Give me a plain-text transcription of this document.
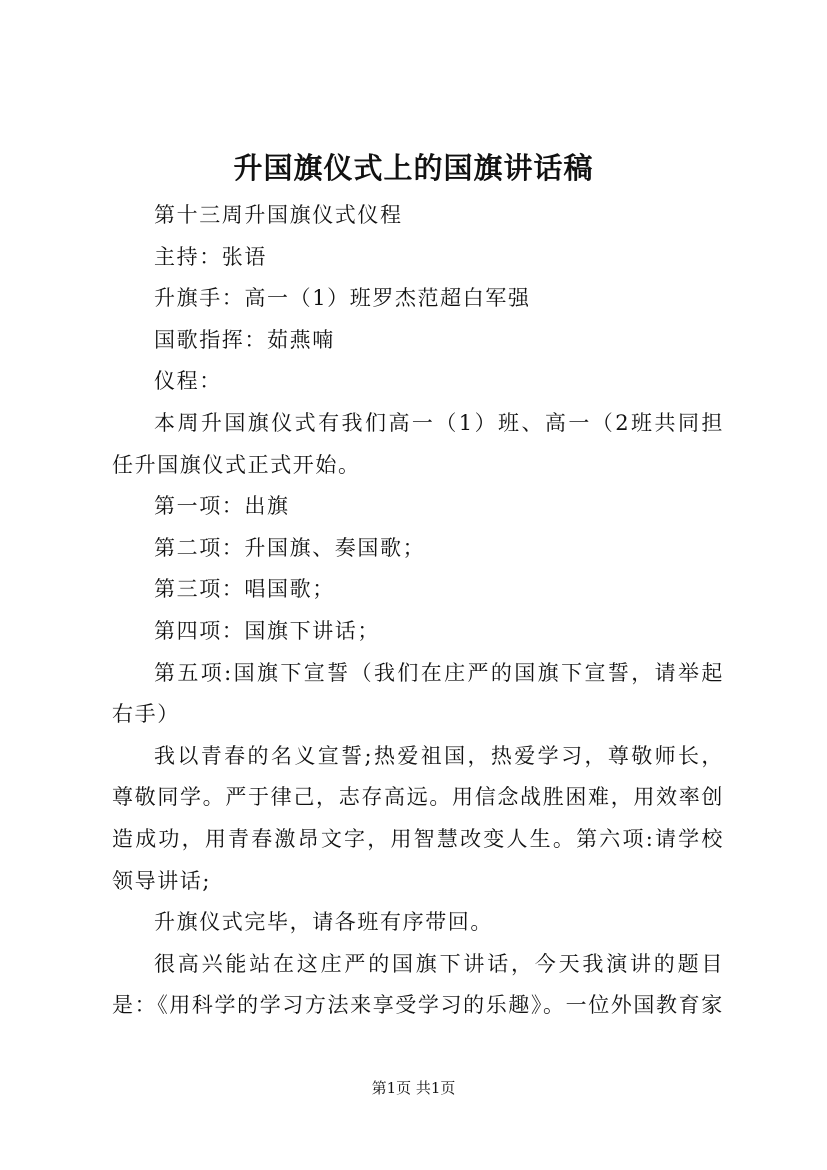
升国旗仪式上的国旗讲话稿

第十三周升国旗仪式仪程

主持：张语

升旗手：高一（1）班罗杰范超白军强

国歌指挥：茹燕喃

仪程：

本周升国旗仪式有我们高一（1）班、高一（2班共同担任升国旗仪式正式开始。

第一项：出旗

第二项：升国旗、奏国歌；

第三项：唱国歌；

第四项：国旗下讲话；

第五项:国旗下宣誓（我们在庄严的国旗下宣誓，请举起右手）

我以青春的名义宣誓;热爱祖国，热爱学习，尊敬师长，尊敬同学。严于律己，志存高远。用信念战胜困难，用效率创造成功，用青春激昂文字，用智慧改变人生。第六项:请学校领导讲话;

升旗仪式完毕，请各班有序带回。

很高兴能站在这庄严的国旗下讲话，今天我演讲的题目是：《用科学的学习方法来享受学习的乐趣》。一位外国教育家

第1页 共1页
